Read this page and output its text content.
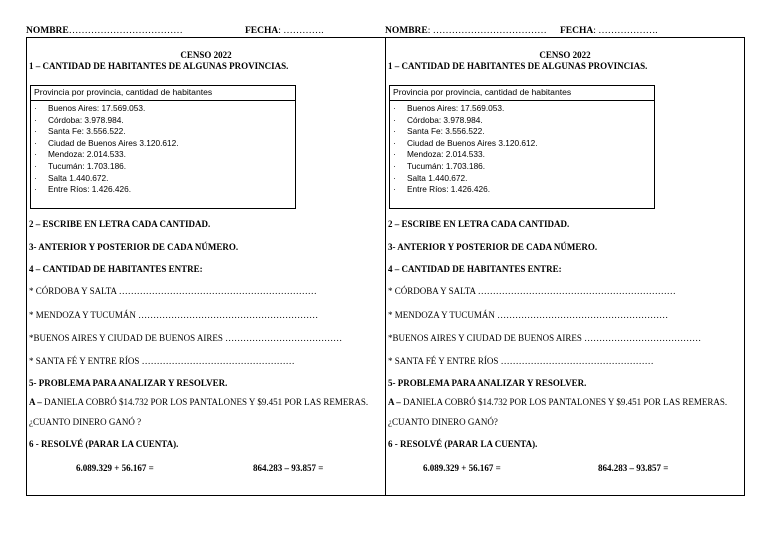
NOMBRE………………………………	FECHA: ………….	NOMBRE: ……………………………… FECHA: ……………….
CENSO 2022
1 – CANTIDAD DE HABITANTES DE ALGUNAS PROVINCIAS.
Provincia por provincia, cantidad de habitantes
· Buenos Aires: 17.569.053.
· Córdoba: 3.978.984.
· Santa Fe: 3.556.522.
· Ciudad de Buenos Aires 3.120.612.
· Mendoza: 2.014.533.
· Tucumán: 1.703.186.
· Salta 1.440.672.
· Entre Ríos: 1.426.426.
2 – ESCRIBE EN LETRA CADA CANTIDAD.
3- ANTERIOR Y POSTERIOR DE CADA NÚMERO.
4 – CANTIDAD DE HABITANTES ENTRE:
* CÓRDOBA Y SALTA …………………………………………………………
* MENDOZA Y TUCUMÁN ……………………………………………………
*BUENOS AIRES Y CIUDAD DE BUENOS AIRES …………………………………
* SANTA FÉ Y ENTRE RÍOS ……………………………………………
5- PROBLEMA PARA ANALIZAR Y RESOLVER.
A – DANIELA COBRÓ $14.732 POR LOS PANTALONES Y $9.451 POR LAS REMERAS.
¿CUANTO DINERO GANÓ ?
6 - RESOLVÉ (PARAR LA CUENTA).
6.089.329 + 56.167 =	864.283 – 93.857 =
CENSO 2022
1 – CANTIDAD DE HABITANTES DE ALGUNAS PROVINCIAS.
Provincia por provincia, cantidad de habitantes
· Buenos Aires: 17.569.053.
· Córdoba: 3.978.984.
· Santa Fe: 3.556.522.
· Ciudad de Buenos Aires 3.120.612.
· Mendoza: 2.014.533.
· Tucumán: 1.703.186.
· Salta 1.440.672.
· Entre Ríos: 1.426.426.
2 – ESCRIBE EN LETRA CADA CANTIDAD.
3- ANTERIOR Y POSTERIOR DE CADA NÚMERO.
4 – CANTIDAD DE HABITANTES ENTRE:
* CÓRDOBA Y SALTA …………………………………………………………
* MENDOZA Y TUCUMÁN …………………………………………………
*BUENOS AIRES Y CIUDAD DE BUENOS AIRES …………………………………
* SANTA FÉ Y ENTRE RÍOS ……………………………………………
5- PROBLEMA PARA ANALIZAR Y RESOLVER.
A – DANIELA COBRÓ $14.732 POR LOS PANTALONES Y $9.451 POR LAS REMERAS.
¿CUANTO DINERO GANÓ?
6 - RESOLVÉ (PARAR LA CUENTA).
6.089.329 + 56.167 =	864.283 – 93.857 =
